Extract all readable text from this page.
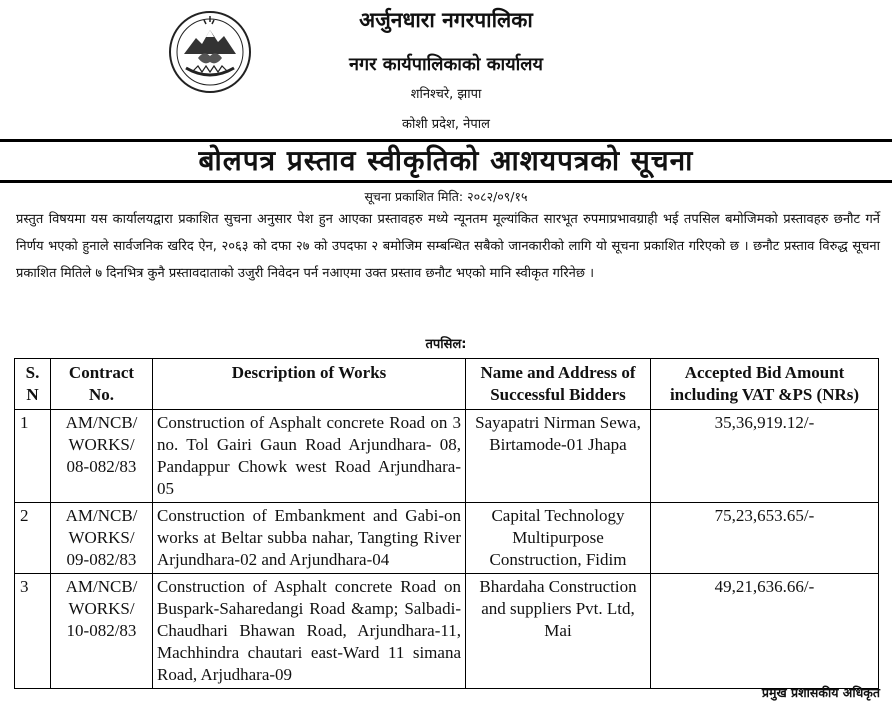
अर्जुनधारा नगरपालिका
नगर कार्यपालिकाको कार्यालय
शनिश्चरे, झापा
कोशी प्रदेश, नेपाल
बोलपत्र प्रस्ताव स्वीकृतिको आशयपत्रको सूचना
सूचना प्रकाशित मिति: २०८२/०९/१५
प्रस्तुत विषयमा यस कार्यालयद्वारा प्रकाशित सुचना अनुसार पेश हुन आएका प्रस्तावहरु मध्ये न्यूनतम मूल्यांकित सारभूत रुपमाप्रभावग्राही भई तपसिल बमोजिमको प्रस्तावहरु छनौट गर्ने निर्णय भएको हुनाले सार्वजनिक खरिद ऐन, २०६३ को दफा २७ को उपदफा २ बमोजिम सम्बन्धित सबैको जानकारीको लागि यो सूचना प्रकाशित गरिएको छ । छनौट प्रस्ताव विरुद्ध सूचना प्रकाशित मितिले ७ दिनभित्र कुनै प्रस्तावदाताको उजुरी निवेदन पर्न नआएमा उक्त प्रस्ताव छनौट भएको मानि स्वीकृत गरिनेछ ।
तपसिल:
S. N	Contract No.	Description of Works	Name and Address of Successful Bidders	Accepted Bid Amount including VAT &PS (NRs)
1	AM/NCB/ WORKS/ 08-082/83	Construction of Asphalt concrete Road on 3 no. Tol Gairi Gaun Road Arjundhara- 08, Pandappur Chowk west Road Arjundhara-05	Sayapatri Nirman Sewa, Birtamode-01 Jhapa	35,36,919.12/-
2	AM/NCB/ WORKS/ 09-082/83	Construction of Embankment and Gabi-on works at Beltar subba nahar, Tangting River Arjundhara-02 and Arjundhara-04	Capital Technology Multipurpose Construction, Fidim	75,23,653.65/-
3	AM/NCB/ WORKS/ 10-082/83	Construction of Asphalt concrete Road on Buspark-Saharedangi Road &amp; Salbadi-Chaudhari Bhawan Road, Arjundhara-11, Machhindra chautari east-Ward 11 simana Road, Arjudhara-09	Bhardaha Construction and suppliers Pvt. Ltd, Mai	49,21,636.66/-
प्रमुख प्रशासकीय अधिकृत
